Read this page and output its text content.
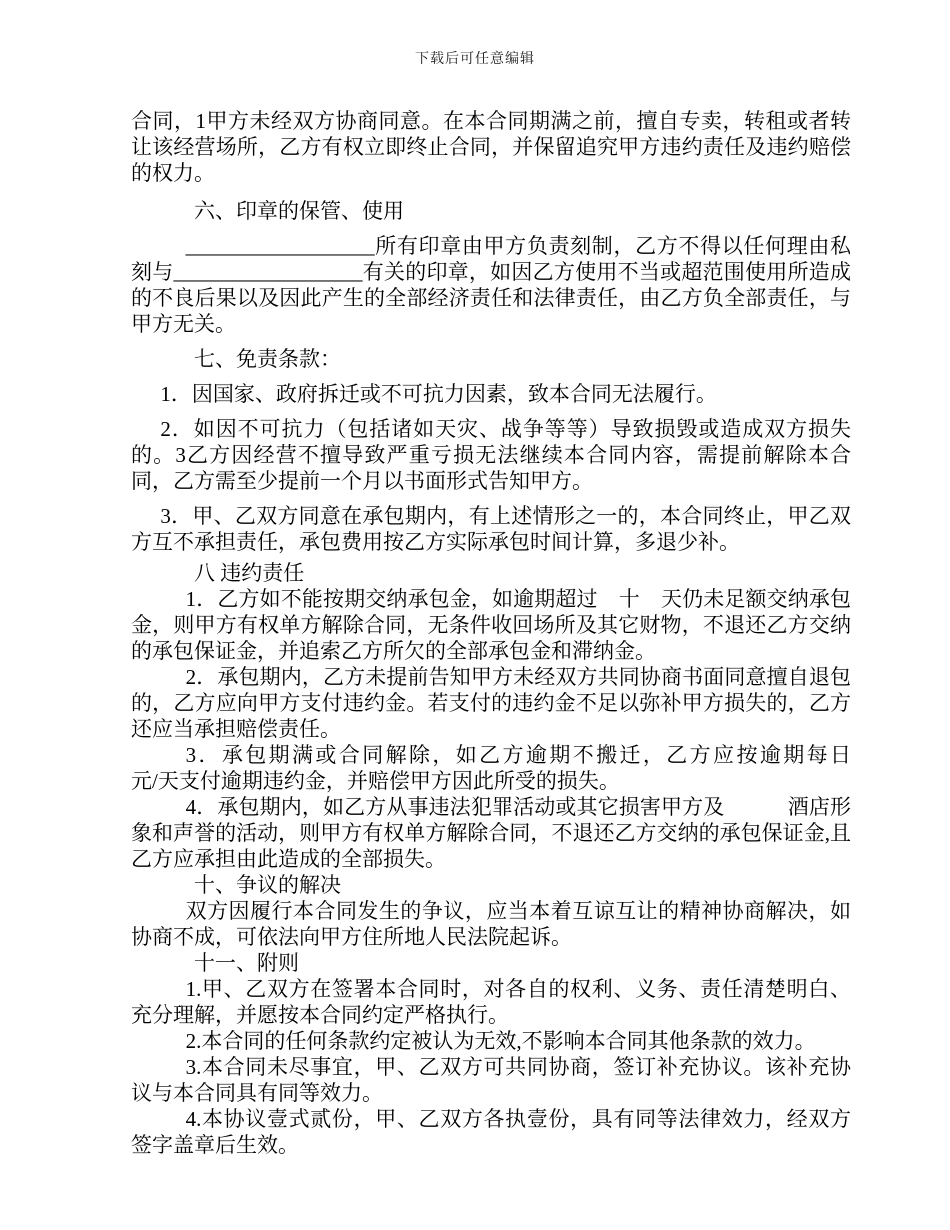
下载后可任意编辑

合同，1甲方未经双方协商同意。在本合同期满之前，擅自专卖，转租或者转让该经营场所，乙方有权立即终止合同，并保留追究甲方违约责任及违约赔偿的权力。

六、印章的保管、使用

__________________所有印章由甲方负责刻制，乙方不得以任何理由私刻与__________________有关的印章，如因乙方使用不当或超范围使用所造成的不良后果以及因此产生的全部经济责任和法律责任，由乙方负全部责任，与甲方无关。

七、免责条款：

1．因国家、政府拆迁或不可抗力因素，致本合同无法履行。

2．如因不可抗力（包括诸如天灾、战争等等）导致损毁或造成双方损失的。3乙方因经营不擅导致严重亏损无法继续本合同内容，需提前解除本合同，乙方需至少提前一个月以书面形式告知甲方。

3．甲、乙双方同意在承包期内，有上述情形之一的，本合同终止，甲乙双方互不承担责任，承包费用按乙方实际承包时间计算，多退少补。

八 违约责任

1．乙方如不能按期交纳承包金，如逾期超过　十　天仍未足额交纳承包金，则甲方有权单方解除合同，无条件收回场所及其它财物，不退还乙方交纳的承包保证金，并追索乙方所欠的全部承包金和滞纳金。

2．承包期内，乙方未提前告知甲方未经双方共同协商书面同意擅自退包的，乙方应向甲方支付违约金。若支付的违约金不足以弥补甲方损失的，乙方还应当承担赔偿责任。

3．承包期满或合同解除，如乙方逾期不搬迁，乙方应按逾期每日　　　元/天支付逾期违约金，并赔偿甲方因此所受的损失。

4．承包期内，如乙方从事违法犯罪活动或其它损害甲方及　　　酒店形象和声誉的活动，则甲方有权单方解除合同，不退还乙方交纳的承包保证金,且乙方应承担由此造成的全部损失。

十、争议的解决

双方因履行本合同发生的争议，应当本着互谅互让的精神协商解决，如协商不成，可依法向甲方住所地人民法院起诉。

十一、附则

1.甲、乙双方在签署本合同时，对各自的权利、义务、责任清楚明白、充分理解，并愿按本合同约定严格执行。

2.本合同的任何条款约定被认为无效,不影响本合同其他条款的效力。

3.本合同未尽事宜，甲、乙双方可共同协商，签订补充协议。该补充协议与本合同具有同等效力。

4.本协议壹式贰份，甲、乙双方各执壹份，具有同等法律效力，经双方签字盖章后生效。
